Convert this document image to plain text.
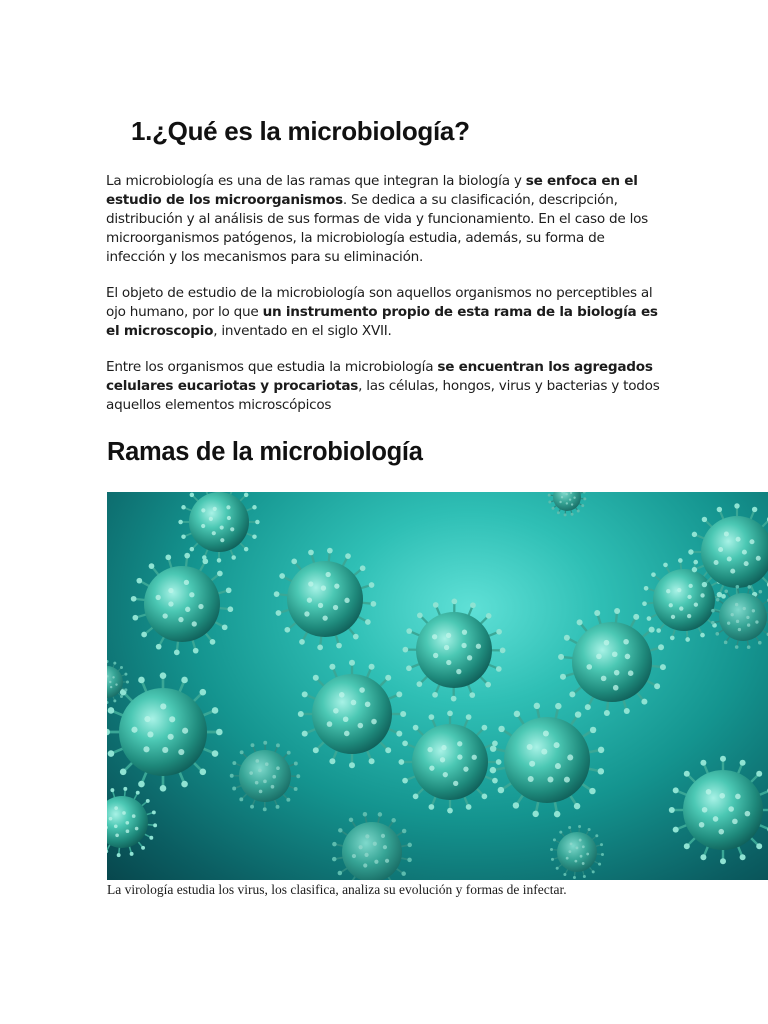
1.¿Qué es la microbiología?

La microbiología es una de las ramas que integran la biología y se enfoca en el estudio de los microorganismos. Se dedica a su clasificación, descripción, distribución y al análisis de sus formas de vida y funcionamiento. En el caso de los microorganismos patógenos, la microbiología estudia, además, su forma de infección y los mecanismos para su eliminación.

El objeto de estudio de la microbiología son aquellos organismos no perceptibles al ojo humano, por lo que un instrumento propio de esta rama de la biología es el microscopio, inventado en el siglo XVII.

Entre los organismos que estudia la microbiología se encuentran los agregados celulares eucariotas y procariotas, las células, hongos, virus y bacterias y todos aquellos elementos microscópicos

Ramas de la microbiología

La virología estudia los virus, los clasifica, analiza su evolución y formas de infectar.
